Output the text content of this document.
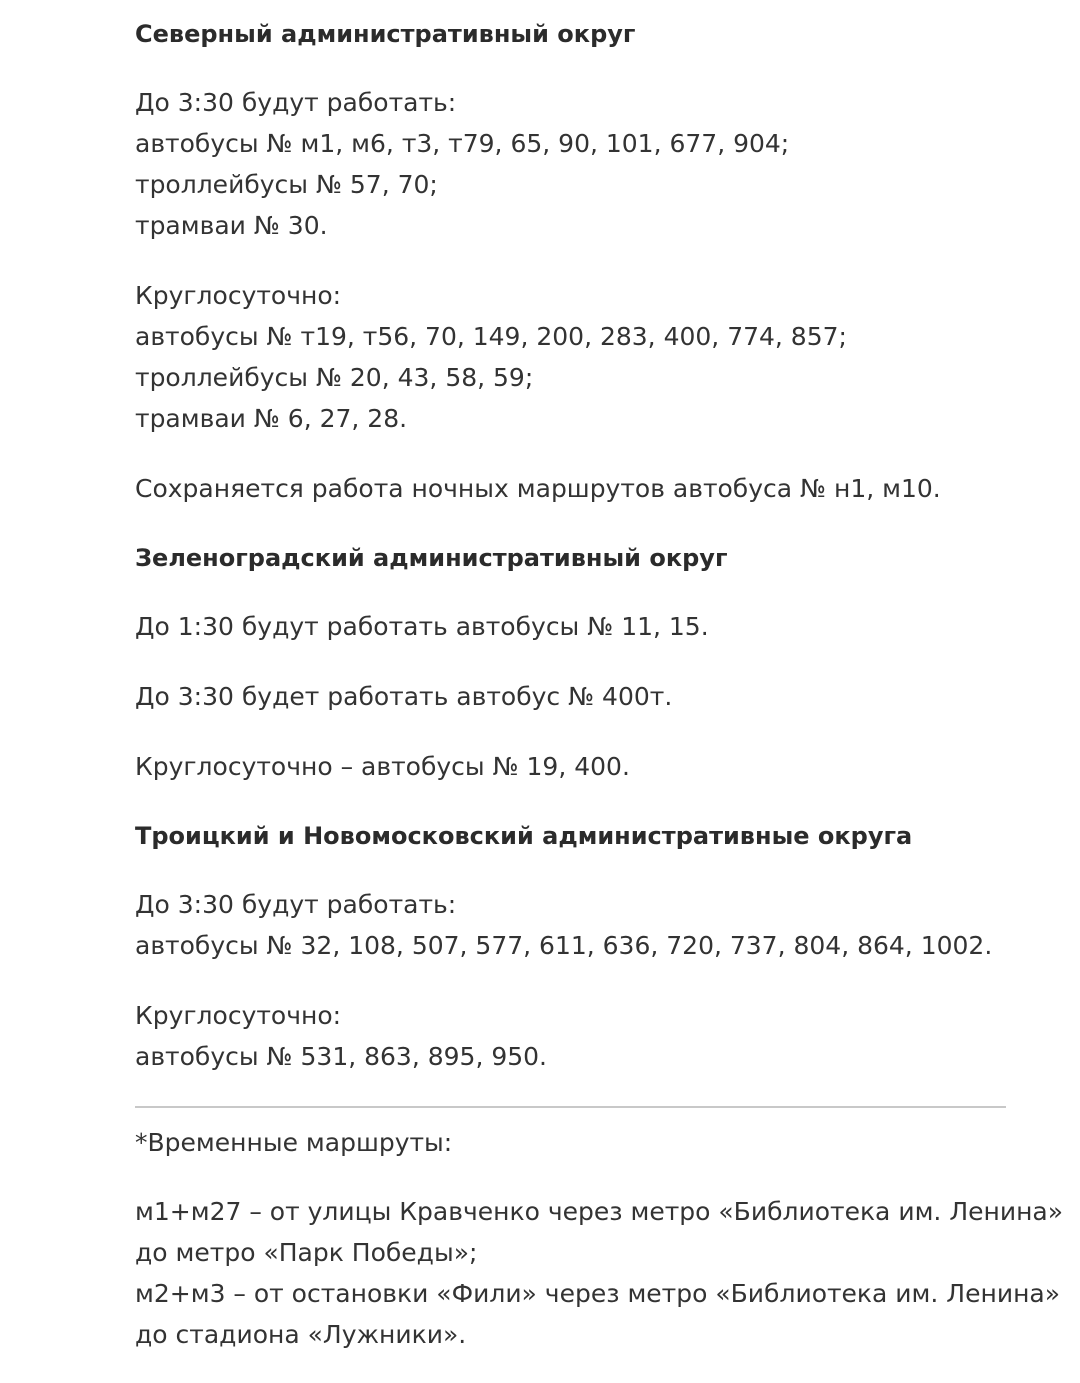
Северный административный округ

До 3:30 будут работать:
автобусы № м1, м6, т3, т79, 65, 90, 101, 677, 904;
троллейбусы № 57, 70;
трамваи № 30.

Круглосуточно:
автобусы № т19, т56, 70, 149, 200, 283, 400, 774, 857;
троллейбусы № 20, 43, 58, 59;
трамваи № 6, 27, 28.

Сохраняется работа ночных маршрутов автобуса № н1, м10.

Зеленоградский административный округ

До 1:30 будут работать автобусы № 11, 15.

До 3:30 будет работать автобус № 400т.

Круглосуточно – автобусы № 19, 400.

Троицкий и Новомосковский административные округа

До 3:30 будут работать:
автобусы № 32, 108, 507, 577, 611, 636, 720, 737, 804, 864, 1002.

Круглосуточно:
автобусы № 531, 863, 895, 950.

*Временные маршруты:

м1+м27 – от улицы Кравченко через метро «Библиотека им. Ленина»
до метро «Парк Победы»;
м2+м3 – от остановки «Фили» через метро «Библиотека им. Ленина»
до стадиона «Лужники».
